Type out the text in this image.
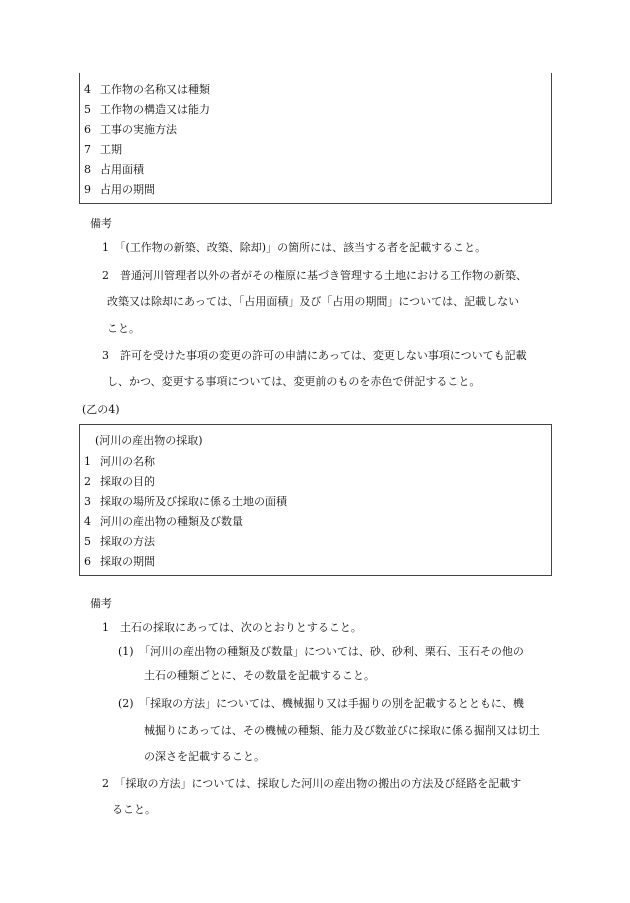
4 工作物の名称又は種類
5 工作物の構造又は能力
6 工事の実施方法
7 工期
8 占用面積
9 占用の期間
備考
1　「(工作物の新築、改築、除却)」の箇所には、該当する者を記載すること。
2　普通河川管理者以外の者がその権原に基づき管理する土地における工作物の新築、
改築又は除却にあっては、「占用面積」及び「占用の期間」については、記載しない
こと。
3　許可を受けた事項の変更の許可の申請にあっては、変更しない事項についても記載
し、かつ、変更する事項については、変更前のものを赤色で併記すること。
(乙の4)
(河川の産出物の採取)
1 河川の名称
2 採取の目的
3 採取の場所及び採取に係る土地の面積
4 河川の産出物の種類及び数量
5 採取の方法
6 採取の期間
備考
1　土石の採取にあっては、次のとおりとすること。
(1)　「河川の産出物の種類及び数量」については、砂、砂利、栗石、玉石その他の
土石の種類ごとに、その数量を記載すること。
(2)　「採取の方法」については、機械掘り又は手掘りの別を記載するとともに、機
械掘りにあっては、その機械の種類、能力及び数並びに採取に係る掘削又は切土
の深さを記載すること。
2　「採取の方法」については、採取した河川の産出物の搬出の方法及び経路を記載す
ること。
